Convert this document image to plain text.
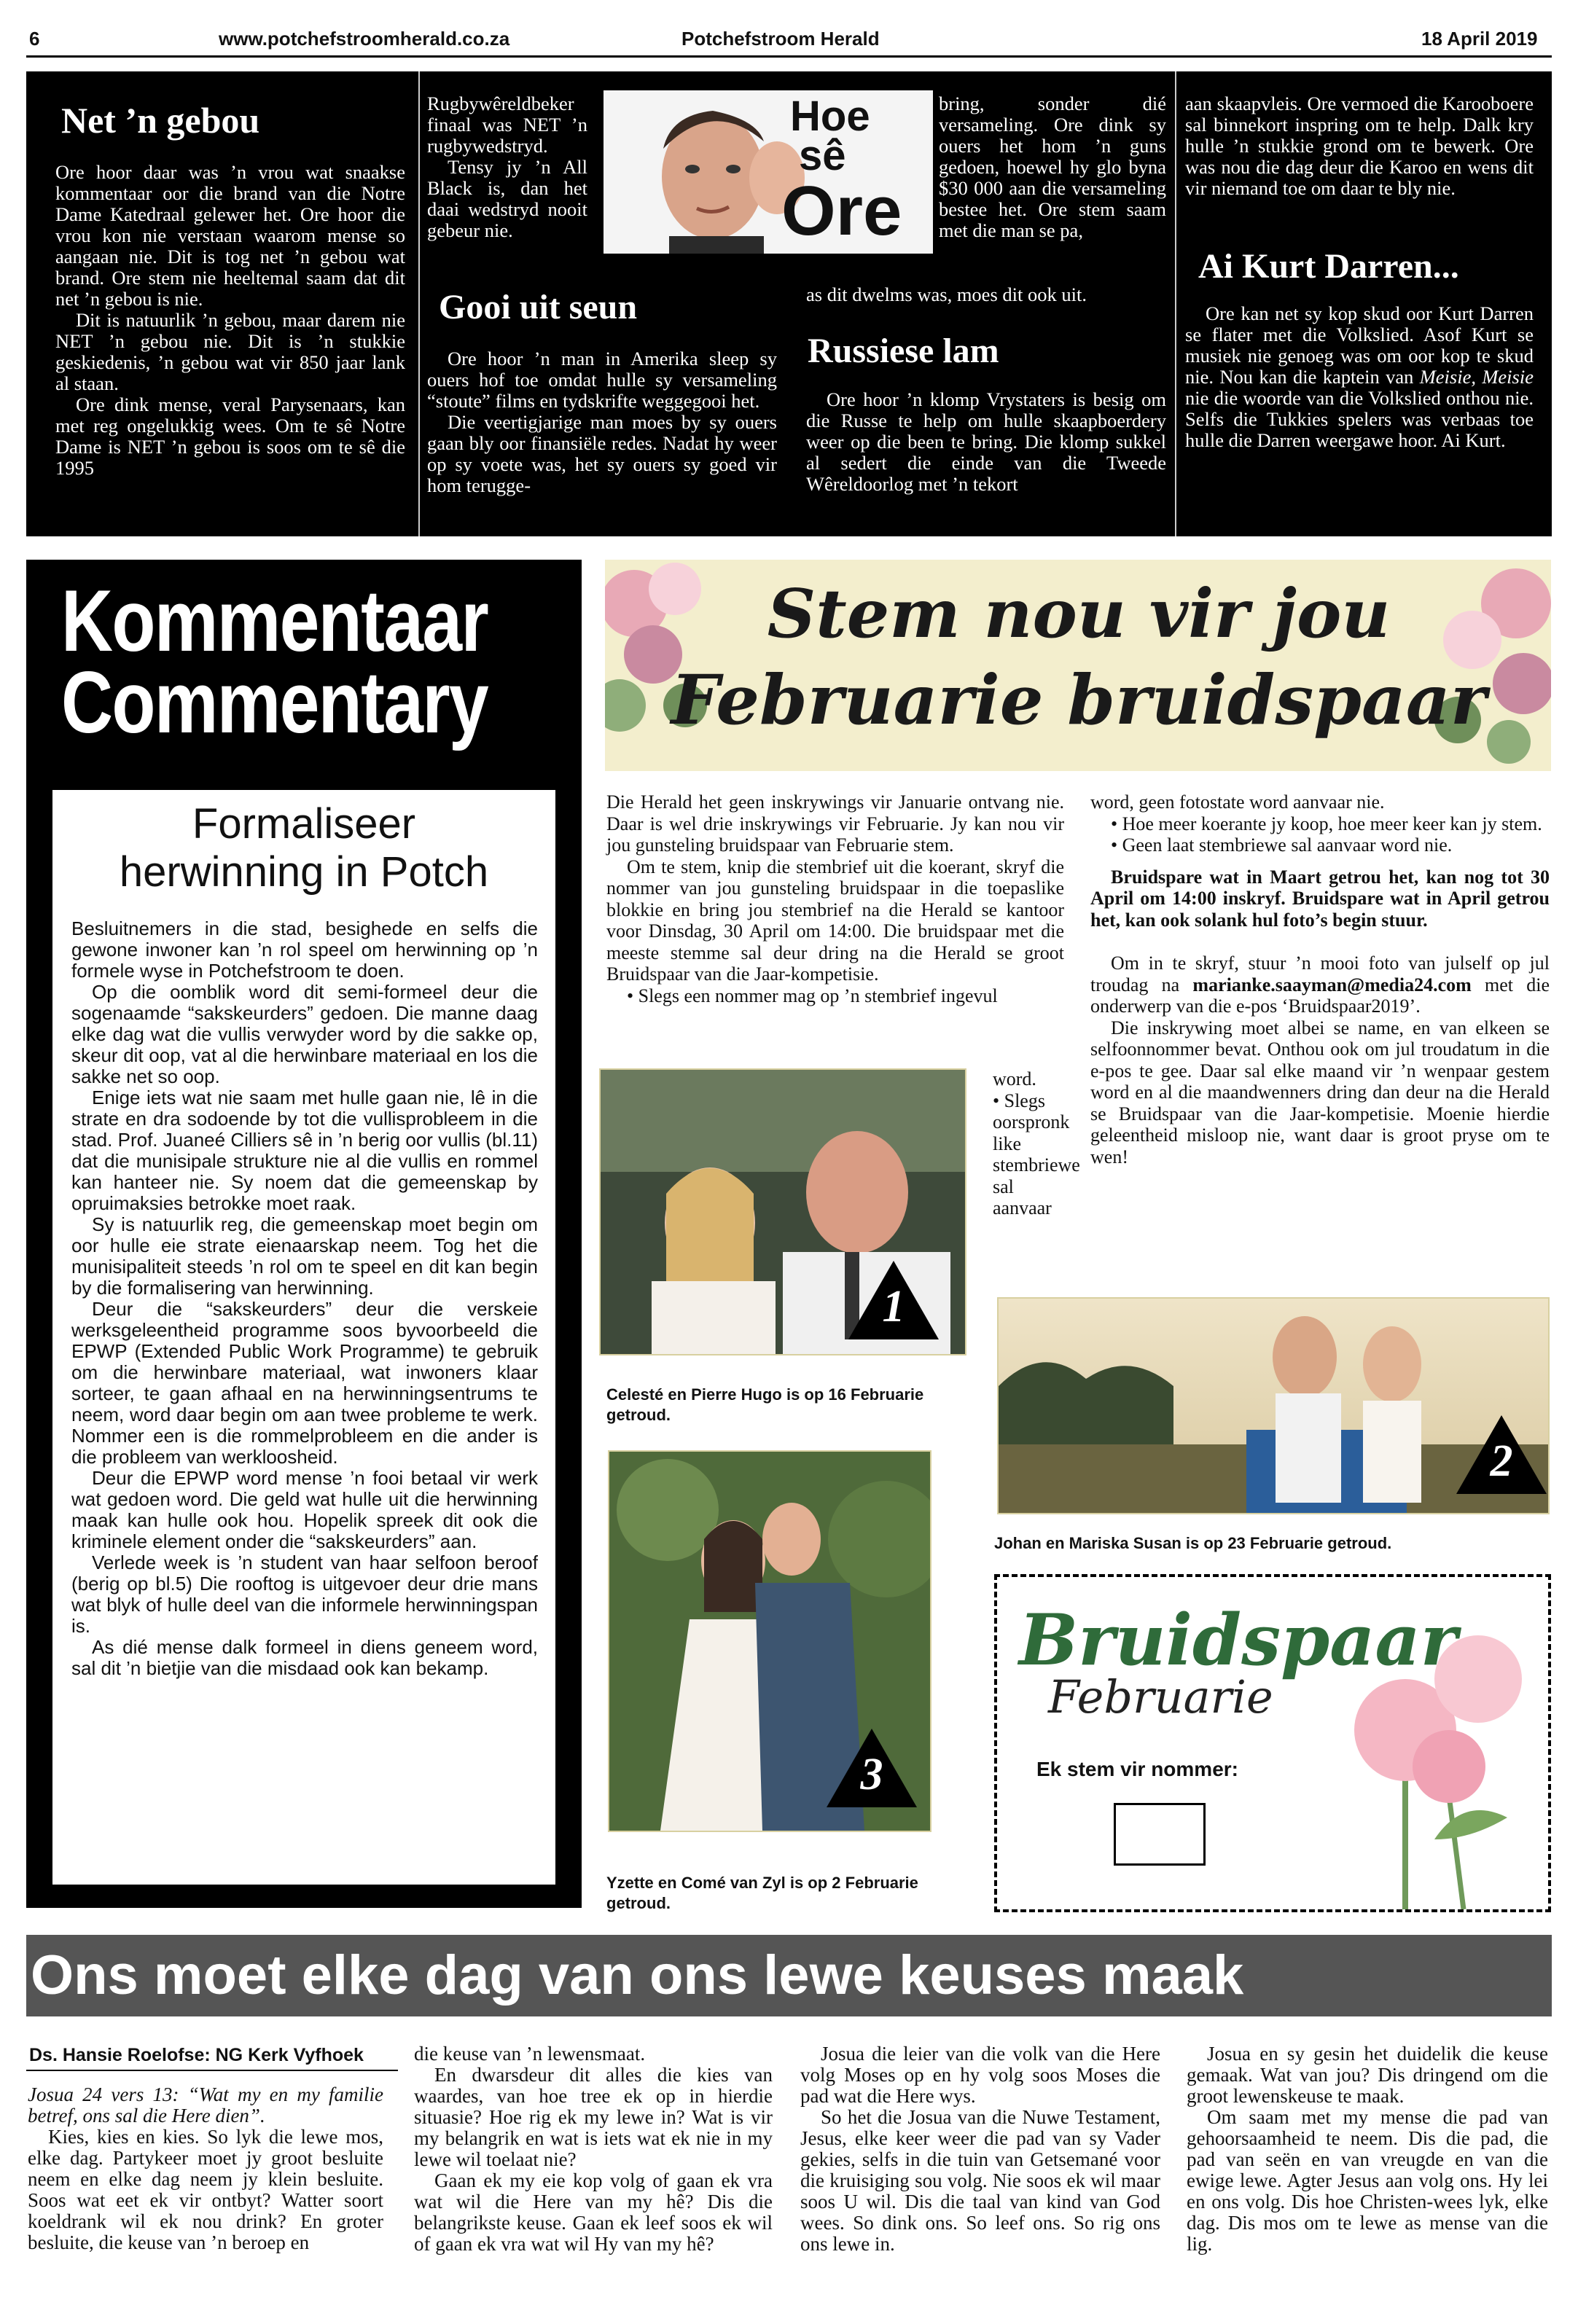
6	www.potchefstroomherald.co.za	Potchefstroom Herald	18 April 2019
Net ’n gebou

Ore hoor daar was ’n vrou wat snaakse kommentaar oor die brand van die Notre Dame Katedraal gelewer het. Ore hoor die vrou kon nie verstaan waarom mense so aangaan nie. Dit is tog net ’n gebou wat brand. Ore stem nie heeltemal saam dat dit net ’n gebou is nie.

Dit is natuurlik ’n gebou, maar darem nie NET ’n gebou nie. Dit is ’n stukkie geskiedenis, ’n gebou wat vir 850 jaar lank al staan.

Ore dink mense, veral Parysenaars, kan met reg ongelukkig wees. Om te sê Notre Dame is NET ’n gebou is soos om te sê die 1995

Rugbywêreldbeker finaal was NET ’n rugbywedstryd.

Tensy jy ’n All Black is, dan het daai wedstryd nooit gebeur nie.

Gooi uit seun

Ore hoor ’n man in Amerika sleep sy ouers hof toe omdat hulle sy versameling “stoute” films en tydskrifte weggegooi het.

Die veertigjarige man moes by sy ouers gaan bly oor finansiële redes. Nadat hy weer op sy voete was, het sy ouers sy goed vir hom terugge-

Hoe
sê
Ore

bring, sonder dié versameling. Ore dink sy ouers het hom ’n guns gedoen, hoewel hy glo byna $30 000 aan die versameling bestee het. Ore stem saam met die man se pa,

as dit dwelms was, moes dit ook uit.

Russiese lam

Ore hoor ’n klomp Vrystaters is besig om die Russe te help om hulle skaapboerdery weer op die been te bring. Die klomp sukkel al sedert die einde van die Tweede Wêreldoorlog met ’n tekort

aan skaapvleis. Ore vermoed die Karooboere sal binnekort inspring om te help. Dalk kry hulle ’n stukkie grond om te bewerk. Ore was nou die dag deur die Karoo en wens dit vir niemand toe om daar te bly nie.

Ai Kurt Darren...

Ore kan net sy kop skud oor Kurt Darren se flater met die Volkslied. Asof Kurt se musiek nie genoeg was om oor kop te skud nie. Nou kan die kaptein van Meisie, Meisie nie die woorde van die Volkslied onthou nie. Selfs die Tukkies spelers was verbaas toe hulle die Darren weergawe hoor. Ai Kurt.

Kommentaar
Commentary
Formaliseer
herwinning in Potch

Besluitnemers in die stad, besighede en selfs die gewone inwoner kan ’n rol speel om herwinning op ’n formele wyse in Potchefstroom te doen.

Op die oomblik word dit semi-formeel deur die sogenaamde “sakskeurders” gedoen. Die manne daag elke dag wat die vullis verwyder word by die sakke op, skeur dit oop, vat al die herwinbare materiaal en los die sakke net so oop.

Enige iets wat nie saam met hulle gaan nie, lê in die strate en dra sodoende by tot die vullisprobleem in die stad. Prof. Juaneé Cilliers sê in ’n berig oor vullis (bl.11) dat die munisipale strukture nie al die vullis en rommel kan hanteer nie. Sy noem dat die gemeenskap by opruimaksies betrokke moet raak.

Sy is natuurlik reg, die gemeenskap moet begin om oor hulle eie strate eienaarskap neem. Tog het die munisipaliteit steeds ’n rol om te speel en dit kan begin by die formalisering van herwinning.

Deur die “sakskeurders” deur die verskeie werksgeleentheid programme soos byvoorbeeld die EPWP (Extended Public Work Programme) te gebruik om die herwinbare materiaal, wat inwoners klaar sorteer, te gaan afhaal en na herwinningsentrums te neem, word daar begin om aan twee probleme te werk. Nommer een is die rommelprobleem en die ander is die probleem van werkloosheid.

Deur die EPWP word mense ’n fooi betaal vir werk wat gedoen word. Die geld wat hulle uit die herwinning maak kan hulle ook hou. Hopelik spreek dit ook die kriminele element onder die “sakskeurders” aan.

Verlede week is ’n student van haar selfoon beroof (berig op bl.5) Die rooftog is uitgevoer deur drie mans wat blyk of hulle deel van die informele herwinningspan is.

As dié mense dalk formeel in diens geneem word, sal dit ’n bietjie van die misdaad ook kan bekamp.

Stem nou vir jou
Februarie bruidspaar

Die Herald het geen inskrywings vir Januarie ontvang nie. Daar is wel drie inskrywings vir Februarie. Jy kan nou vir jou gunsteling bruidspaar van Februarie stem.

Om te stem, knip die stembrief uit die koerant, skryf die nommer van jou gunsteling bruidspaar in die toepaslike blokkie en bring jou stembrief na die Herald se kantoor voor Dinsdag, 30 April om 14:00. Die bruidspaar met die meeste stemme sal deur dring na die Herald se groot Bruidspaar van die Jaar-kompetisie.

• Slegs een nommer mag op ’n stembrief ingevul

word.

• Slegs oorspronk like stembriewe sal aanvaar

1
Celesté en Pierre Hugo is op 16 Februarie getroud.
3
Yzette en Comé van Zyl is op 2 Februarie getroud.

word, geen fotostate word aanvaar nie.

• Hoe meer koerante jy koop, hoe meer keer kan jy stem.

• Geen laat stembriewe sal aanvaar word nie.

Bruidspare wat in Maart getrou het, kan nog tot 30 April om 14:00 inskryf. Bruidspare wat in April getrou het, kan ook solank hul foto’s begin stuur.

Om in te skryf, stuur ’n mooi foto van julself op jul troudag na marianke.saayman@media24.com met die onderwerp van die e-pos ‘Bruidspaar2019’.

Die inskrywing moet albei se name, en van elkeen se selfoonnommer bevat. Onthou ook om jul troudatum in die e-pos te gee. Daar sal elke maand vir ’n wenpaar gestem word en al die maandwenners dring dan deur na die Herald se Bruidspaar van die Jaar-kompetisie. Moenie hierdie geleentheid misloop nie, want daar is groot pryse om te wen!

2
Johan en Mariska Susan is op 23 Februarie getroud.
Bruidspaar
Februarie
Ek stem vir nommer:
Ons moet elke dag van ons lewe keuses maak
Ds. Hansie Roelofse: NG Kerk Vyfhoek

Josua 24 vers 13: “Wat my en my familie betref, ons sal die Here dien”.

Kies, kies en kies. So lyk die lewe mos, elke dag. Partykeer moet jy groot besluite neem en elke dag neem jy klein besluite. Soos wat eet ek vir ontbyt? Watter soort koeldrank wil ek nou drink? En groter besluite, die keuse van ’n beroep en

die keuse van ’n lewensmaat.

En dwarsdeur dit alles die kies van waardes, van hoe tree ek op in hierdie situasie? Hoe rig ek my lewe in? Wat is vir my belangrik en wat is iets wat ek nie in my lewe wil toelaat nie?

Gaan ek my eie kop volg of gaan ek vra wat wil die Here van my hê? Dis die belangrikste keuse. Gaan ek leef soos ek wil of gaan ek vra wat wil Hy van my hê?

Josua die leier van die volk van die Here volg Moses op en hy volg soos Moses die pad wat die Here wys.

So het die Josua van die Nuwe Testament, Jesus, elke keer weer die pad van sy Vader gekies, selfs in die tuin van Getsemané voor die kruisiging sou volg. Nie soos ek wil maar soos U wil. Dis die taal van kind van God wees. So dink ons. So leef ons. So rig ons ons lewe in.

Josua en sy gesin het duidelik die keuse gemaak. Wat van jou? Dis dringend om die groot lewenskeuse te maak.

Om saam met my mense die pad van gehoorsaamheid te neem. Dis die pad, die pad van seën en van vreugde en van die ewige lewe. Agter Jesus aan volg ons. Hy lei en ons volg. Dis hoe Christen-wees lyk, elke dag. Dis mos om te lewe as mense van die lig.
